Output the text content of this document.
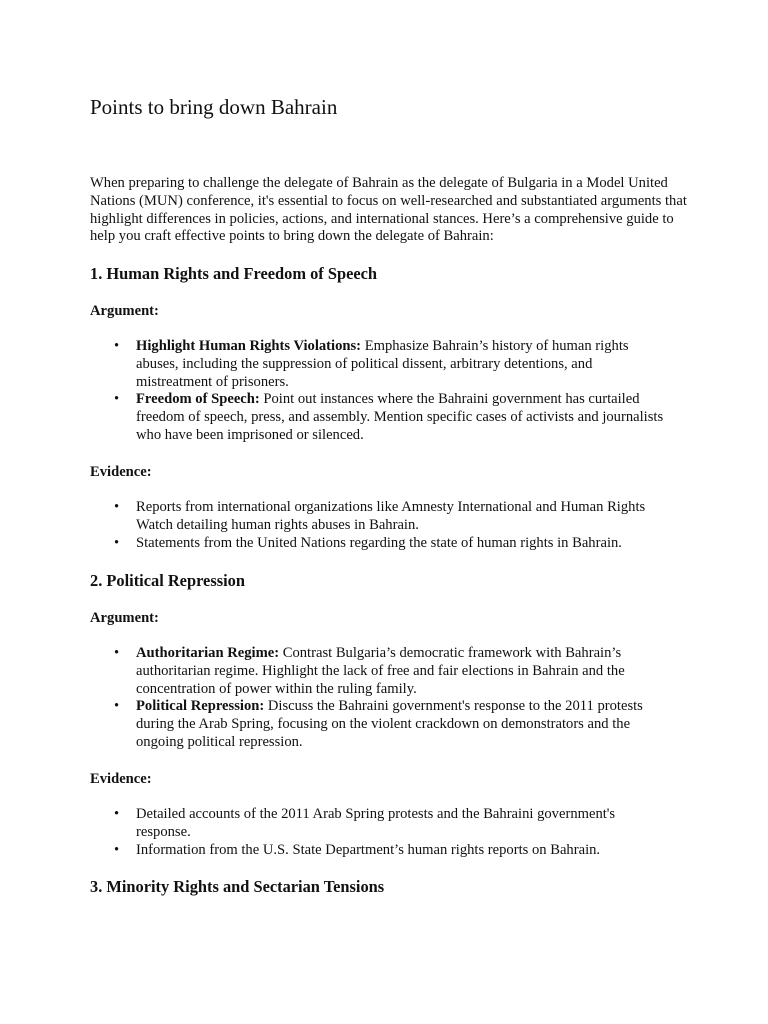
Points to bring down Bahrain

When preparing to challenge the delegate of Bahrain as the delegate of Bulgaria in a Model United Nations (MUN) conference, it's essential to focus on well-researched and substantiated arguments that highlight differences in policies, actions, and international stances. Here’s a comprehensive guide to help you craft effective points to bring down the delegate of Bahrain:

1. Human Rights and Freedom of Speech

Argument:

• Highlight Human Rights Violations: Emphasize Bahrain’s history of human rights abuses, including the suppression of political dissent, arbitrary detentions, and mistreatment of prisoners.
• Freedom of Speech: Point out instances where the Bahraini government has curtailed freedom of speech, press, and assembly. Mention specific cases of activists and journalists who have been imprisoned or silenced.

Evidence:

• Reports from international organizations like Amnesty International and Human Rights Watch detailing human rights abuses in Bahrain.
• Statements from the United Nations regarding the state of human rights in Bahrain.
2. Political Repression

Argument:

• Authoritarian Regime: Contrast Bulgaria’s democratic framework with Bahrain’s authoritarian regime. Highlight the lack of free and fair elections in Bahrain and the concentration of power within the ruling family.
• Political Repression: Discuss the Bahraini government's response to the 2011 protests during the Arab Spring, focusing on the violent crackdown on demonstrators and the ongoing political repression.

Evidence:

• Detailed accounts of the 2011 Arab Spring protests and the Bahraini government's response.
• Information from the U.S. State Department’s human rights reports on Bahrain.
3. Minority Rights and Sectarian Tensions
